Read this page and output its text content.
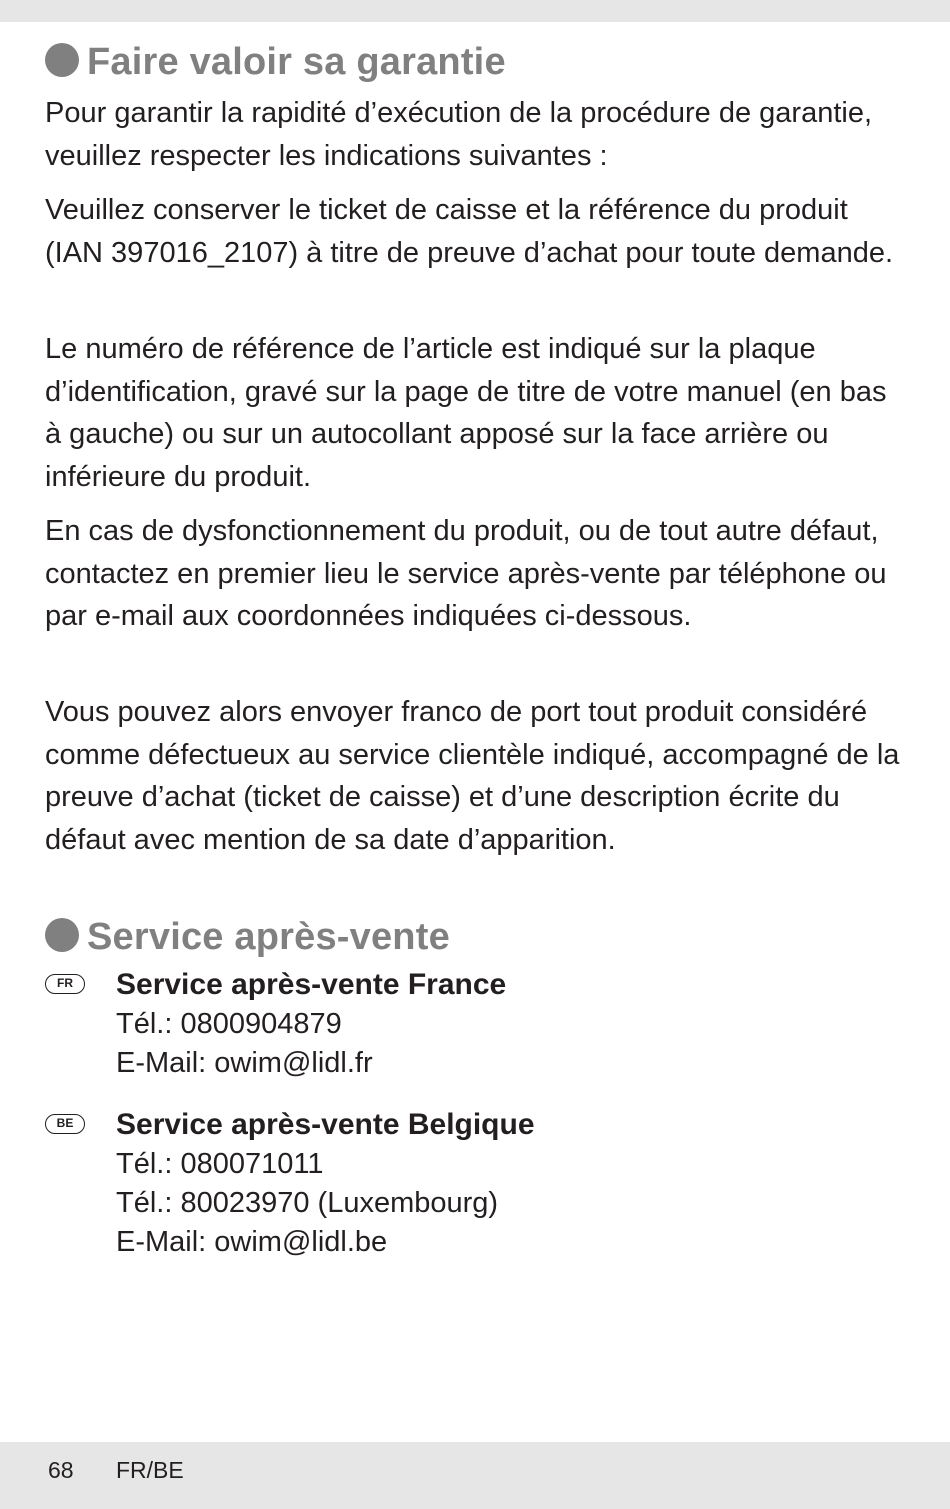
Faire valoir sa garantie

Pour garantir la rapidité d’exécution de la procédure de garantie, veuillez respecter les indications suivantes :

Veuillez conserver le ticket de caisse et la référence du produit (IAN 397016_2107) à titre de preuve d’achat pour toute demande.

Le numéro de référence de l’article est indiqué sur la plaque d’identification, gravé sur la page de titre de votre manuel (en bas à gauche) ou sur un autocollant apposé sur la face arrière ou inférieure du produit.

En cas de dysfonctionnement du produit, ou de tout autre défaut, contactez en premier lieu le service après-vente par téléphone ou par e-mail aux coordonnées indiquées ci-dessous.

Vous pouvez alors envoyer franco de port tout produit considéré comme défectueux au service clientèle indiqué, accompagné de la preuve d’achat (ticket de caisse) et d’une description écrite du défaut avec mention de sa date d’apparition.

Service après-vente
FR	Service après-vente France
Tél.: 0800904879
E-Mail: owim@lidl.fr
BE	Service après-vente Belgique
Tél.: 080071011
Tél.: 80023970 (Luxembourg)
E-Mail: owim@lidl.be
68 FR/BE
